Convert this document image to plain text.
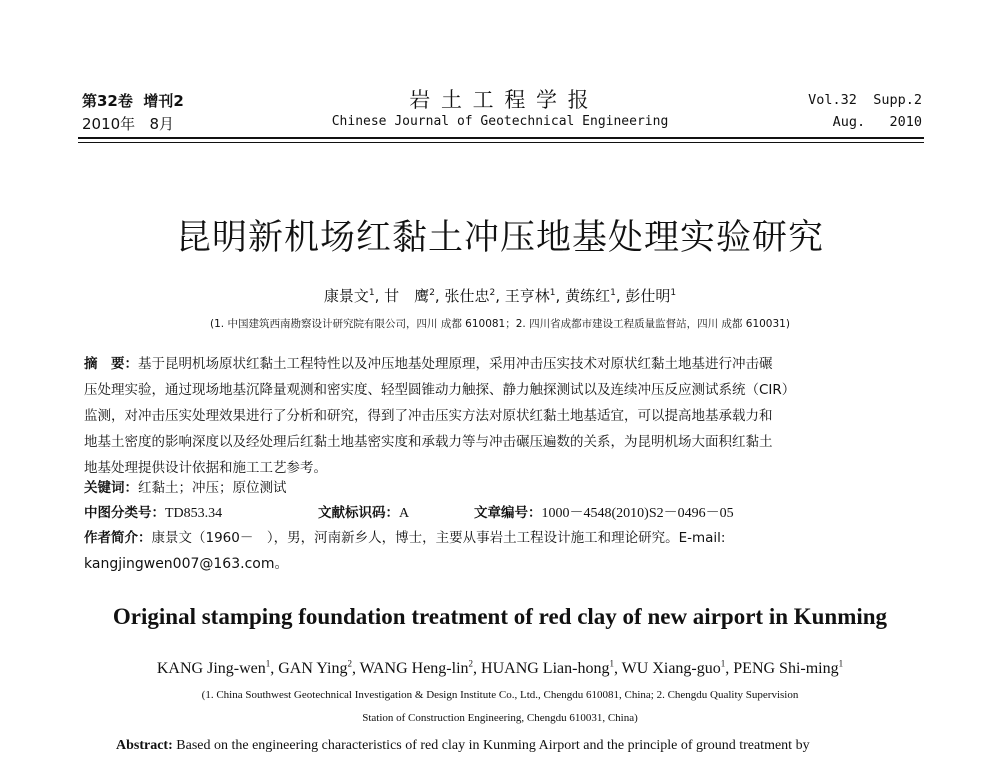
第32卷 增刊2
2010年 8月
岩 土 工 程 学 报
Chinese Journal of Geotechnical Engineering
Vol.32 Supp.2
Aug. 2010
昆明新机场红黏土冲压地基处理实验研究
康景文$^1$, 甘　鹰$^2$, 张仕忠$^2$, 王亨林$^1$, 黄练红$^1$, 彭仕明$^1$
(1. 中国建筑西南勘察设计研究院有限公司，四川 成都 610081；2. 四川省成都市建设工程质量监督站，四川 成都 610031)
摘　要：基于昆明机场原状红黏土工程特性以及冲压地基处理原理，采用冲击压实技术对原状红黏土地基进行冲击碾
压处理实验，通过现场地基沉降量观测和密实度、轻型圆锥动力触探、静力触探测试以及连续冲压反应测试系统（CIR）
监测，对冲击压实处理效果进行了分析和研究，得到了冲击压实方法对原状红黏土地基适宜，可以提高地基承载力和
地基土密度的影响深度以及经处理后红黏土地基密实度和承载力等与冲击碾压遍数的关系，为昆明机场大面积红黏土
地基处理提供设计依据和施工工艺参考。
关键词：红黏土；冲压；原位测试
中图分类号：TD853.34	文献标识码：A	文章编号：1000－4548(2010)S2－0496－05
作者简介：康景文（1960－　），男，河南新乡人，博士，主要从事岩土工程设计施工和理论研究。E-mail:
kangjingwen007@163.com。
Original stamping foundation treatment of red clay of new airport in Kunming
KANG Jing-wen$^1$, GAN Ying$^2$, WANG Heng-lin$^2$, HUANG Lian-hong$^1$, WU Xiang-guo$^1$, PENG Shi-ming$^1$
(1. China Southwest Geotechnical Investigation & Design Institute Co., Ltd., Chengdu 610081, China; 2. Chengdu Quality Supervision
Station of Construction Engineering, Chengdu 610031, China)
Abstract: Based on the engineering characteristics of red clay in Kunming Airport and the principle of ground treatment by
